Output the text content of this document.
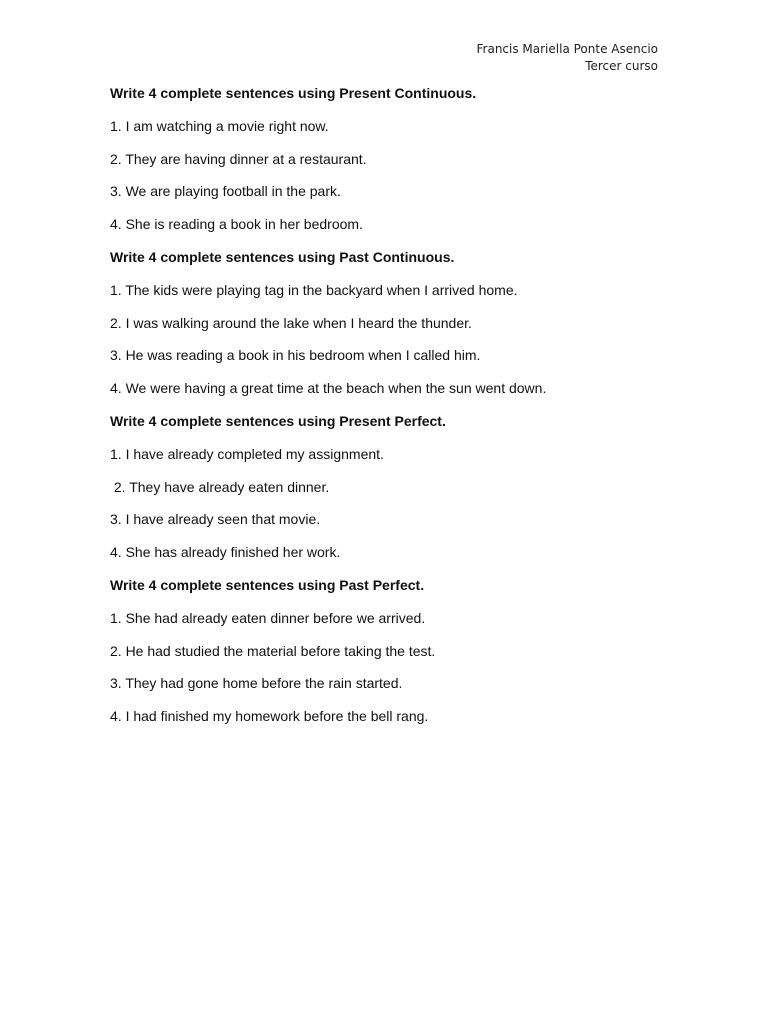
Francis Mariella Ponte Asencio
Tercer curso
Write 4 complete sentences using Present Continuous.
1. I am watching a movie right now.
2. They are having dinner at a restaurant.
3. We are playing football in the park.
4. She is reading a book in her bedroom.
Write 4 complete sentences using Past Continuous.
1. The kids were playing tag in the backyard when I arrived home.
2. I was walking around the lake when I heard the thunder.
3. He was reading a book in his bedroom when I called him.
4. We were having a great time at the beach when the sun went down.
Write 4 complete sentences using Present Perfect.
1. I have already completed my assignment.
2. They have already eaten dinner.
3. I have already seen that movie.
4. She has already finished her work.
Write 4 complete sentences using Past Perfect.
1. She had already eaten dinner before we arrived.
2. He had studied the material before taking the test.
3. They had gone home before the rain started.
4. I had finished my homework before the bell rang.
